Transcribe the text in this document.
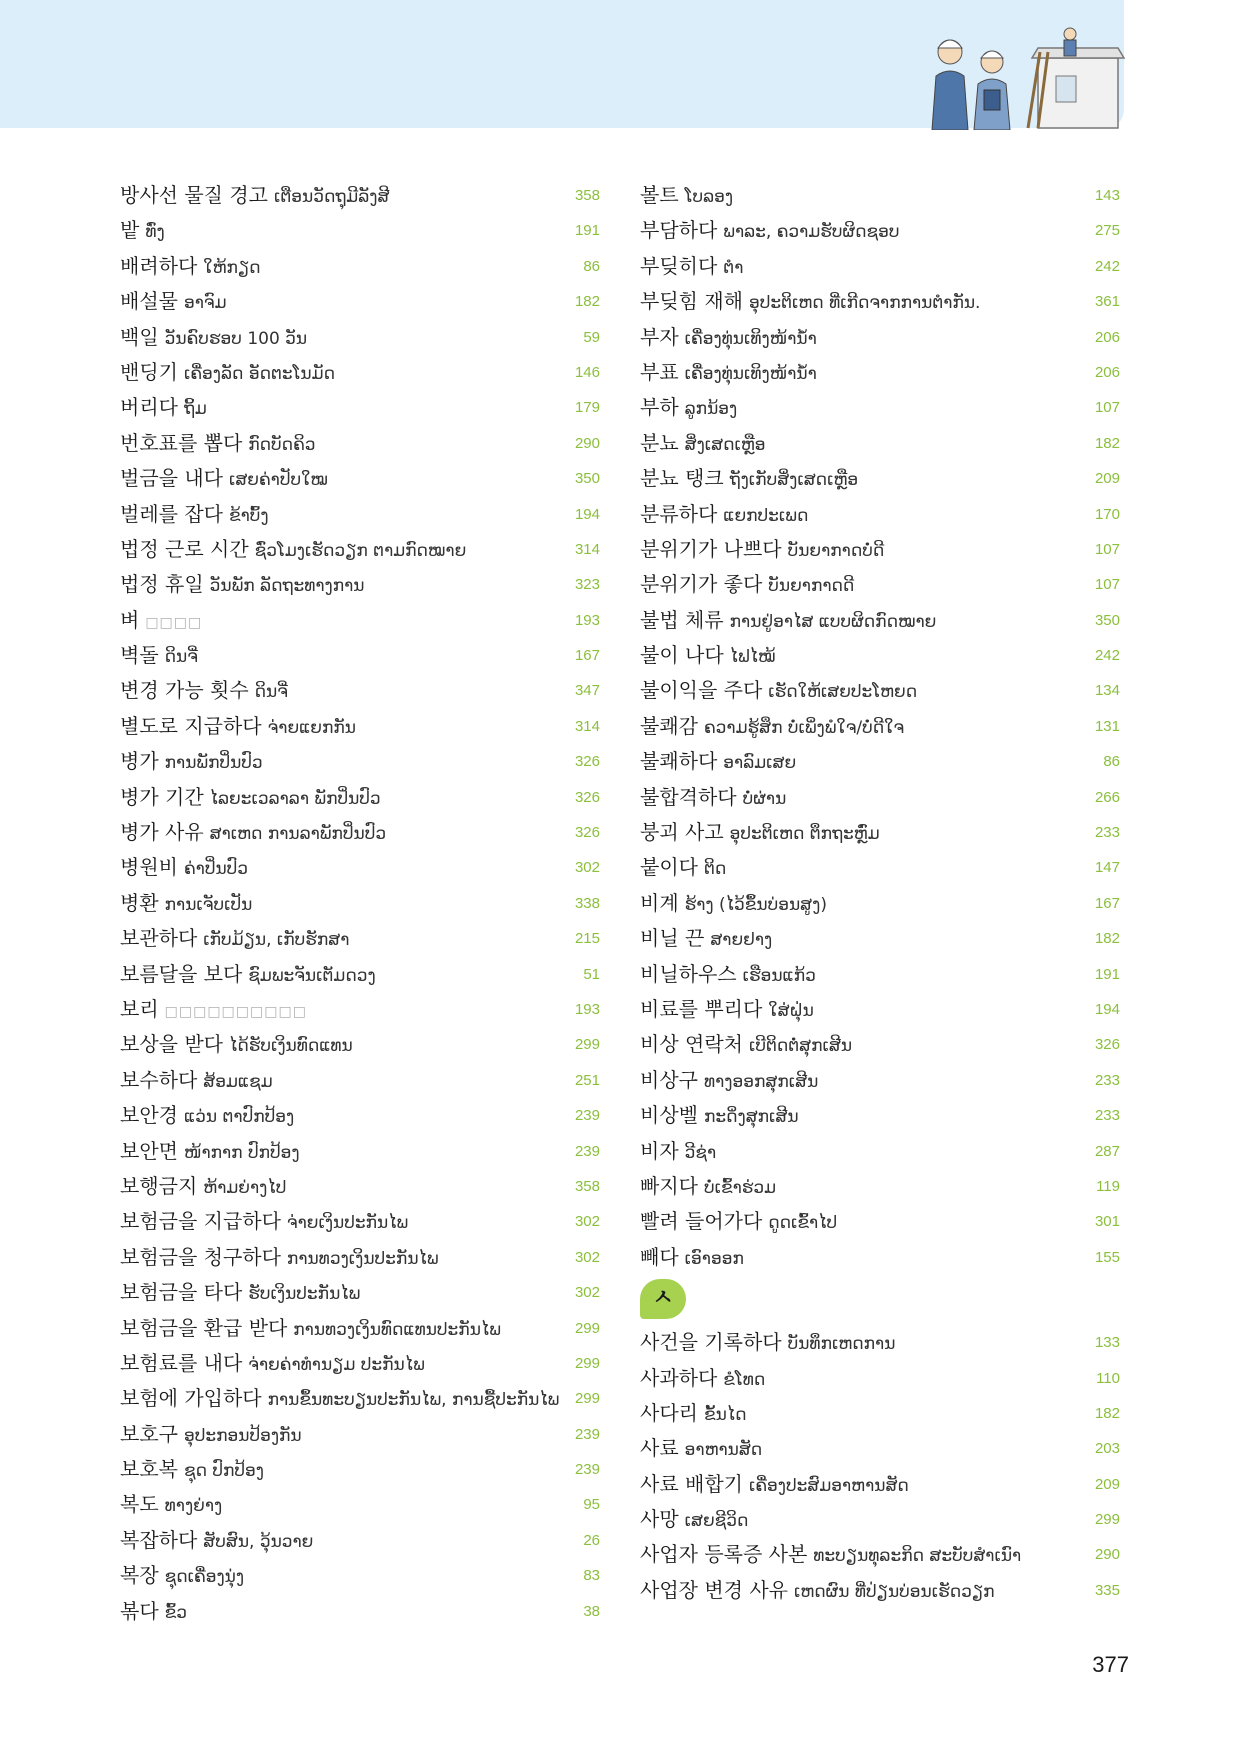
방사선 물질 경고 ເຕືອນວັດຖຸມີລັງສີ	358
밭 ທົ່ງ	191
배려하다 ໃຫ້ກຽດ	86
배설물 ອາຈົມ	182
백일 ວັນຄົບຮອບ 100 ວັນ	59
밴딩기 ເຄື່ອງລັດ ອັດຕະໂນມັດ	146
버리다 ຖິ້ມ	179
번호표를 뽑다 ກົດບັດຄິວ	290
벌금을 내다 ເສຍຄ່າປັບໃໝ	350
벌레를 잡다 ຂ້າບົ້ງ	194
법정 근로 시간 ຊົ່ວໂມງເຮັດວຽກ ຕາມກົດໝາຍ	314
법정 휴일 ວັນພັກ ລັດຖະທາງການ	323
벼 □□□□	193
벽돌 ດິນຈີ່	167
변경 가능 횟수 ດິນຈີ່	347
별도로 지급하다 ຈ່າຍແຍກກັນ	314
병가 ການພັກປິ່ນປົວ	326
병가 기간 ໄລຍະເວລາລາ ພັກປິ່ນປົວ	326
병가 사유 ສາເຫດ ການລາພັກປິ່ນປົວ	326
병원비 ຄ່າປິ່ນປົວ	302
병환 ການເຈັບເປັນ	338
보관하다 ເກັບມ້ຽນ, ເກັບຮັກສາ	215
보름달을 보다 ຊົມພະຈັນເຕັມດວງ	51
보리 □□□□□□□□□□	193
보상을 받다 ໄດ້ຮັບເງິນທົດແທນ	299
보수하다 ສ້ອມແຊມ	251
보안경 ແວ່ນ ຕາປົກປ້ອງ	239
보안면 ໜ້າກາກ ປົກປ້ອງ	239
보행금지 ຫ້າມຍ່າງໄປ	358
보험금을 지급하다 ຈ່າຍເງິນປະກັນໄພ	302
보험금을 청구하다 ການທວງເງິນປະກັນໄພ	302
보험금을 타다 ຮັບເງິນປະກັນໄພ	302
보험금을 환급 받다 ການທວງເງິນທົດແທນປະກັນໄພ	299
보험료를 내다 ຈ່າຍຄ່າທຳນຽມ ປະກັນໄພ	299
보험에 가입하다 ການຂຶ້ນທະບຽນປະກັນໄພ, ການຊື້ປະກັນໄພ 299
보호구 ອຸປະກອນປ້ອງກັນ	239
보호복 ຊຸດ ປົກປ້ອງ	239
복도 ທາງຍ່າງ	95
복잡하다 ສັບສົນ, ວຸ້ນວາຍ	26
복장 ຊຸດເຄື່ອງນຸ່ງ	83
볶다 ຂົ້ວ	38
볼트 ໂບລອງ	143
부담하다 ພາລະ, ຄວາມຮັບຜິດຊອບ	275
부딪히다 ຕຳ	242
부딪힘 재해 ອຸປະຕິເຫດ ທີ່ເກີດຈາກການຕຳກັນ.	361
부자 ເຄື່ອງທຸ່ນເທິງໜ້ານ້ຳ	206
부표 ເຄື່ອງທຸ່ນເທິງໜ້ານ້ຳ	206
부하 ລູກນ້ອງ	107
분뇨 ສິ່ງເສດເຫຼືອ	182
분뇨 탱크 ຖັງເກັບສິ່ງເສດເຫຼືອ	209
분류하다 ແຍກປະເພດ	170
분위기가 나쁘다 ບັນຍາກາດບໍ່ດີ	107
분위기가 좋다 ບັນຍາກາດດີ	107
불법 체류 ການຢູ່ອາໄສ ແບບຜິດກົດໝາຍ	350
불이 나다 ໄຟໄໝ້	242
불이익을 주다 ເຮັດໃຫ້ເສຍປະໂຫຍດ	134
불쾌감 ຄວາມຮູ້ສຶກ ບໍ່ເພິ່ງພໍໃຈ/ບໍ່ດີໃຈ	131
불쾌하다 ອາລົມເສຍ	86
불합격하다 ບໍ່ຜ່ານ	266
붕괴 사고 ອຸປະຕິເຫດ ຕຶກຖະຫຼົ່ມ	233
붙이다 ຕິດ	147
비계 ຮ້າງ (ໄວ້ຂຶ້ນບ່ອນສູງ)	167
비닐 끈 ສາຍຢາງ	182
비닐하우스 ເຮືອນແກ້ວ	191
비료를 뿌리다 ໃສ່ຝຸ່ນ	194
비상 연락처 ເບີຕິດຕໍ່ສຸກເສີນ	326
비상구 ທາງອອກສຸກເສີນ	233
비상벨 ກະດິ່ງສຸກເສີນ	233
비자 ວີຊ່າ	287
빠지다 ບໍ່ເຂົ້າຮ່ວມ	119
빨려 들어가다 ດູດເຂົ້າໄປ	301
빼다 ເອົາອອກ	155
ㅅ
사건을 기록하다 ບັນທຶກເຫດການ	133
사과하다 ຂໍໂທດ	110
사다리 ຂັ້ນໄດ	182
사료 ອາຫານສັດ	203
사료 배합기 ເຄື່ອງປະສົມອາຫານສັດ	209
사망 ເສຍຊີວິດ	299
사업자 등록증 사본 ທະບຽນທຸລະກິດ ສະບັບສຳເນົາ	290
사업장 변경 사유 ເຫດຜົນ ທີ່ປ່ຽນບ່ອນເຮັດວຽກ	335
377
